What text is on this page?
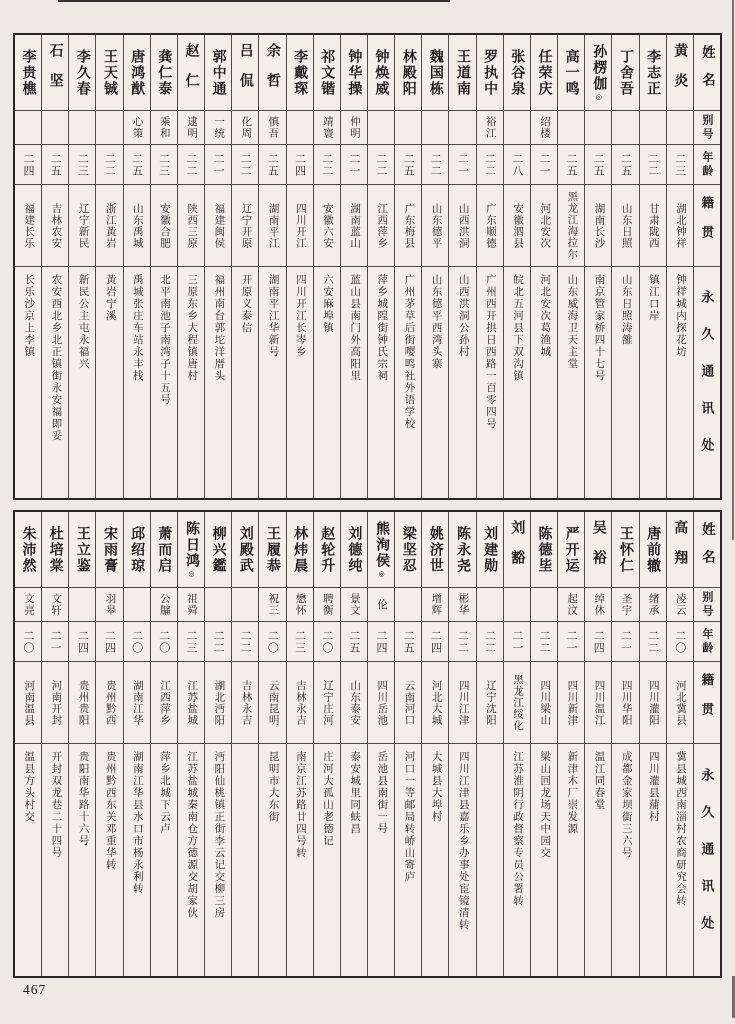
姓名
别号
年龄
籍贯
永久通讯处
黄炎
二三
湖北钟祥
钟祥城内探花坊
李志正
二二
甘肃陇西
镇江口岸
丁舍吾
二五
山东日照
山东日照涛雒
孙楞伽◎
二五
湖南长沙
南京管家桥四十七号
高一鸣
二五
黑龙江海拉尔
山东威海卫天主堂
任荣庆
绍楼
二一
河北安次
河北安次葛渔城
张谷泉
二八
安徽泗县
皖北五河县下双沟镇
罗执中
裕江
二二
广东顺德
广州西开拱日西路一百零四号
王道南
二一
山西洪洞
山西洪洞公孙村
魏国栋
二二
山东德平
山东德平西湾头寨
林殿阳
二五
广东梅县
广州茅草后街嘤鸣社外语学校
钟焕威
二二
江西萍乡
萍乡城隍街钟氏宗祠
钟华操
仲明
二一
湖南蓝山
蓝山县南门外高阳里
祁文锴
靖寰
二二
安徽六安
六安麻埠镇
李戴琛
二四
四川开江
四川开江长岑乡
余哲
慎吾
二五
湖南平江
湖南平江华新号
吕侃
化周
二二
辽宁开原
开原义泰信
郭中通
一统
二一
福建闽侯
福州南台郭坨洋厝头
赵仁
逮明
二二
陕西三原
三原东乡大程镇唐村
龚仁泰
乘和
二三
安徽合肥
北平南池子南湾子十五号
唐鸿猷
心策
二五
山东禹城
禹城张庄车站永丰栈
王天铖
二二
浙江黄岩
黄岩宁溪
李久春
二三
辽宁新民
新民公主屯永福兴
石坚
二五
吉林农安
农安西北乡北正镇街永安福即妥
李贵樵
二四
福建长乐
长乐沙京上李镇
姓名
别号
年龄
籍贯
永久通讯处
高翔
凌云
二〇
河北冀县
冀县城西南淄村农商研究会转
唐前辙
绪承
二二
四川灌阳
四川灌县蒲村
王怀仁
圣宇
二一
四川华阳
成都金家坝街三六号
吴裕
绰休
二四
四川温江
温江同春堂
严开运
起汶
二一
四川新津
新津木厂崇发源
陈德坒
二二
四川梁山
梁山回龙场天中园交
刘豁
二一
黑龙江绥化
江苏淮阴行政督察专员公署转
刘建勋
二二
辽宁沈阳
陈永尧
彬华
二二
四川江津
四川江津县嘉乐乡办事处宦镜清转
姚济世
增辉
二四
河北大城
大城县大埠村
梁坚忍
二五
云南河口
河口一等邮局转峤山寄庐
熊洵侯◎
伦
二四
四川岳池
岳池县南街一号
刘德纯
景文
二五
山东泰安
泰安城里同蚨昌
赵轮升
聘衡
二〇
辽宁庄河
庄河大孤山老德记
林炜晨
懋怀
二三
吉林永吉
南京江苏路廿四号转
王履恭
祝三
二〇
云南昆明
昆明市大东街
刘殿武
二二
吉林永吉
柳兴鑑
二二
湖北沔阳
沔阳仙桃镇正街李云记交柳三房
陈日鸿◎
祖舜
二三
江苏盐城
江苏盐城秦南仓方德源交胡家伙
萧而启
公牖
二〇
江西萍乡
萍乡北城下云卢
邱绍琼
二〇
湖南江华
湖南江华县水口市杨永利转
宋雨膏
羽皋
二四
贵州黔西
贵州黔西东关邓重华转
王立鉴
二四
贵州贵阳
贵阳南华路十六号
杜培棠
文轩
二一
河南开封
开封双龙巷二十四号
朱沛然
文亮
二〇
河南温县
温县方头村交
467
